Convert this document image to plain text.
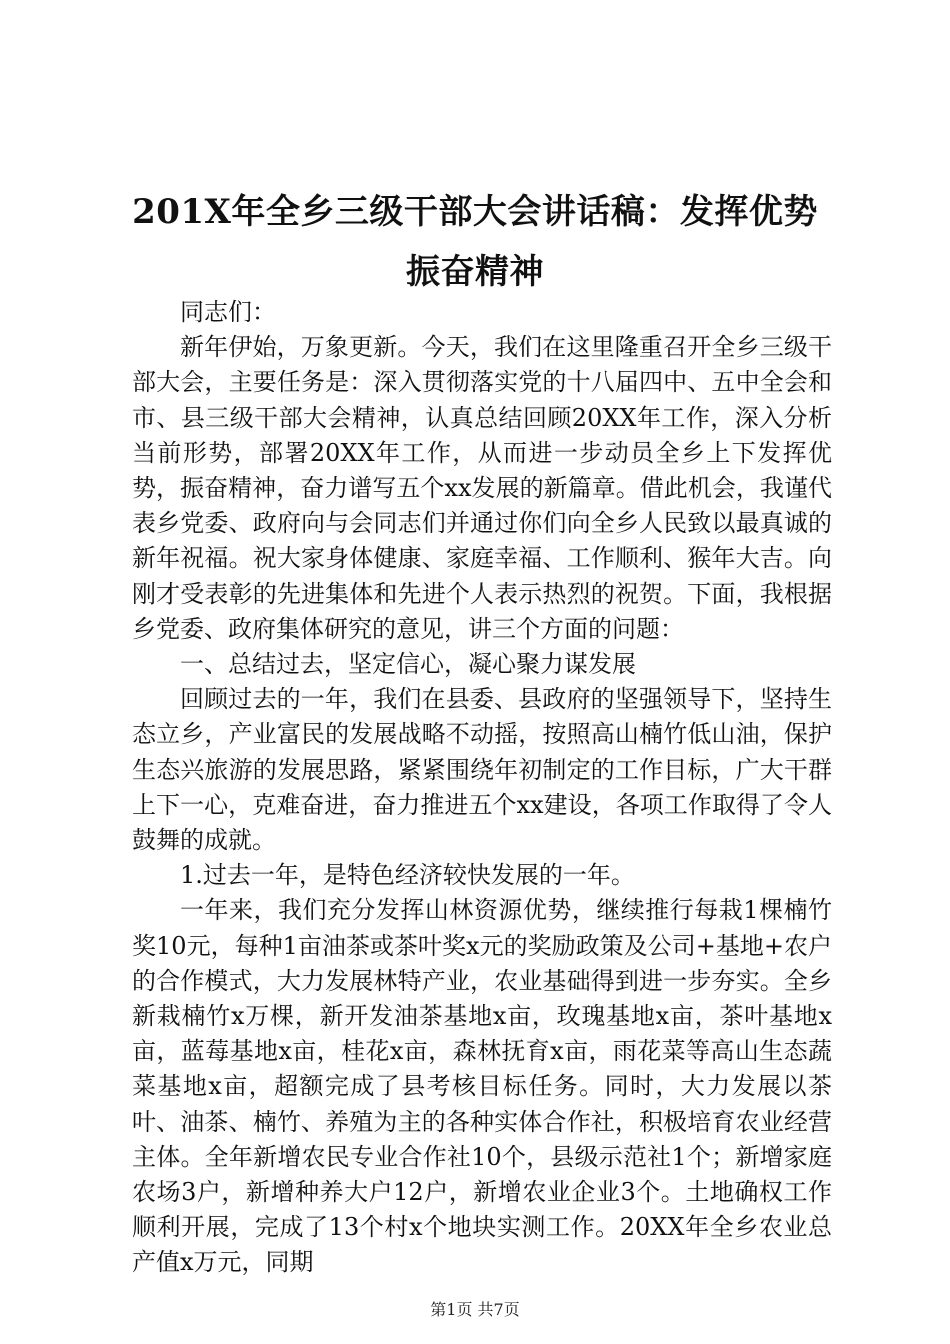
201X年全乡三级干部大会讲话稿：发挥优势
振奋精神

同志们：

新年伊始，万象更新。今天，我们在这里隆重召开全乡三级干部大会，主要任务是：深入贯彻落实党的十八届四中、五中全会和市、县三级干部大会精神，认真总结回顾20XX年工作，深入分析当前形势，部署20XX年工作，从而进一步动员全乡上下发挥优势，振奋精神，奋力谱写五个xx发展的新篇章。借此机会，我谨代表乡党委、政府向与会同志们并通过你们向全乡人民致以最真诚的新年祝福。祝大家身体健康、家庭幸福、工作顺利、猴年大吉。向刚才受表彰的先进集体和先进个人表示热烈的祝贺。下面，我根据乡党委、政府集体研究的意见，讲三个方面的问题：

一、总结过去，坚定信心，凝心聚力谋发展

回顾过去的一年，我们在县委、县政府的坚强领导下，坚持生态立乡，产业富民的发展战略不动摇，按照高山楠竹低山油，保护生态兴旅游的发展思路，紧紧围绕年初制定的工作目标，广大干群上下一心，克难奋进，奋力推进五个xx建设，各项工作取得了令人鼓舞的成就。

1.过去一年，是特色经济较快发展的一年。

一年来，我们充分发挥山林资源优势，继续推行每栽1棵楠竹奖10元，每种1亩油茶或茶叶奖x元的奖励政策及公司+基地+农户的合作模式，大力发展林特产业，农业基础得到进一步夯实。全乡新栽楠竹x万棵，新开发油茶基地x亩，玫瑰基地x亩，茶叶基地x亩，蓝莓基地x亩，桂花x亩，森林抚育x亩，雨花菜等高山生态蔬菜基地x亩，超额完成了县考核目标任务。同时，大力发展以茶叶、油茶、楠竹、养殖为主的各种实体合作社，积极培育农业经营主体。全年新增农民专业合作社10个，县级示范社1个；新增家庭农场3户，新增种养大户12户，新增农业企业3个。土地确权工作顺利开展，完成了13个村x个地块实测工作。20XX年全乡农业总产值x万元，同期

第1页 共7页
